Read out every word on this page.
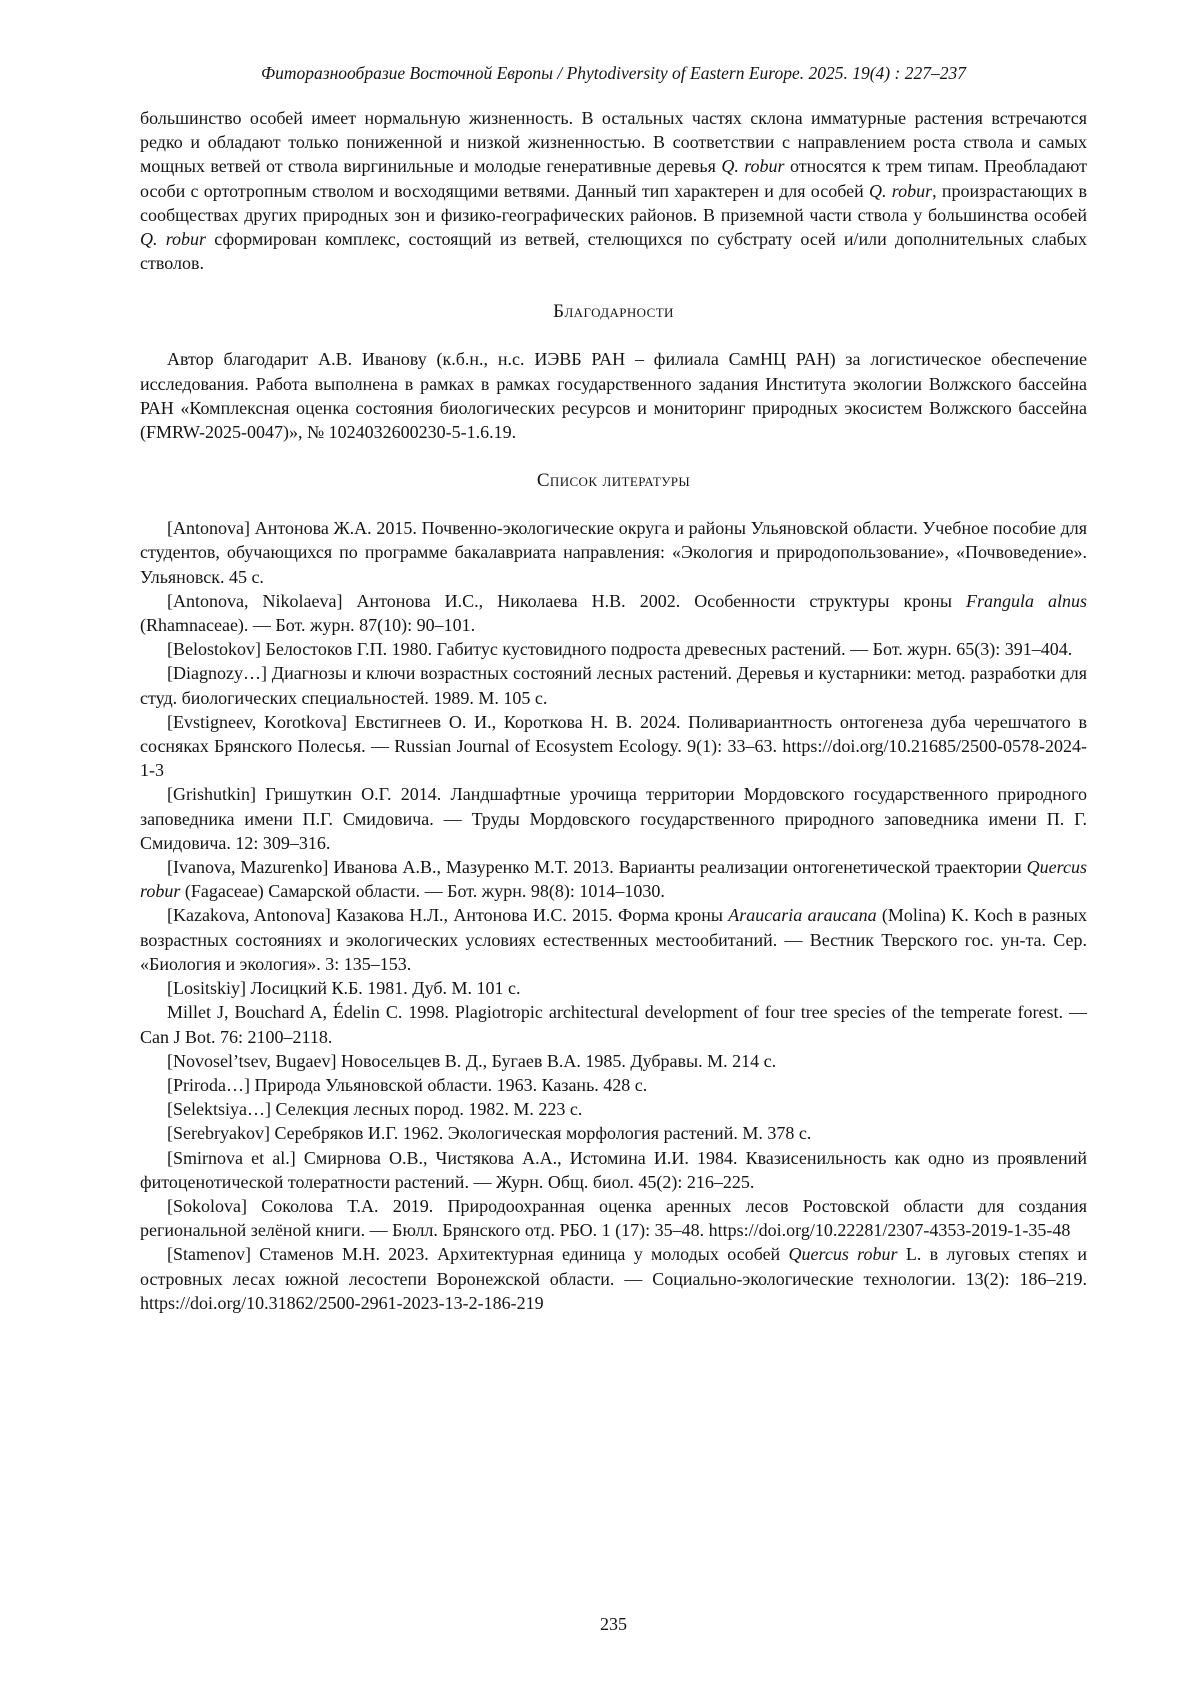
Фиторазнообразие Восточной Европы / Phytodiversity of Eastern Europe. 2025. 19(4) : 227–237

большинство особей имеет нормальную жизненность. В остальных частях склона имматурные растения встречаются редко и обладают только пониженной и низкой жизненностью. В соответствии с направлением роста ствола и самых мощных ветвей от ствола виргинильные и молодые генеративные деревья Q. robur относятся к трем типам. Преобладают особи с ортотропным стволом и восходящими ветвями. Данный тип характерен и для особей Q. robur, произрастающих в сообществах других природных зон и физико-географических районов. В приземной части ствола у большинства особей Q. robur сформирован комплекс, состоящий из ветвей, стелющихся по субстрату осей и/или дополнительных слабых стволов.

Благодарности

Автор благодарит А.В. Иванову (к.б.н., н.с. ИЭВБ РАН – филиала СамНЦ РАН) за логистическое обеспечение исследования. Работа выполнена в рамках в рамках государственного задания Института экологии Волжского бассейна РАН «Комплексная оценка состояния биологических ресурсов и мониторинг природных экосистем Волжского бассейна (FMRW-2025-0047)», № 1024032600230-5-1.6.19.

Список литературы

[Antonova] Антонова Ж.А. 2015. Почвенно-экологические округа и районы Ульяновской области. Учебное пособие для студентов, обучающихся по программе бакалавриата направления: «Экология и природопользование», «Почвоведение». Ульяновск. 45 с.

[Antonova, Nikolaeva] Антонова И.С., Николаева Н.В. 2002. Особенности структуры кроны Frangula alnus (Rhamnaceae). — Бот. журн. 87(10): 90–101.

[Belostokov] Белостоков Г.П. 1980. Габитус кустовидного подроста древесных растений. — Бот. журн. 65(3): 391–404.

[Diagnozy…] Диагнозы и ключи возрастных состояний лесных растений. Деревья и кустарники: метод. разработки для студ. биологических специальностей. 1989. М. 105 с.

[Evstigneev, Korotkova] Евстигнеев О. И., Короткова Н. В. 2024. Поливариантность онтогенеза дуба черешчатого в сосняках Брянского Полесья. — Russian Journal of Ecosystem Ecology. 9(1): 33–63. https://doi.org/10.21685/2500-0578-2024-1-3

[Grishutkin] Гришуткин О.Г. 2014. Ландшафтные урочища территории Мордовского государственного природного заповедника имени П.Г. Смидовича. — Труды Мордовского государственного природного заповедника имени П. Г. Смидовича. 12: 309–316.

[Ivanova, Mazurenko] Иванова А.В., Мазуренко М.Т. 2013. Варианты реализации онтогенетической траектории Quercus robur (Fagaceae) Самарской области. — Бот. журн. 98(8): 1014–1030.

[Kazakova, Antonova] Казакова Н.Л., Антонова И.С. 2015. Форма кроны Araucaria araucana (Molina) K. Koch в разных возрастных состояниях и экологических условиях естественных местообитаний. — Вестник Тверского гос. ун-та. Сер. «Биология и экология». 3: 135–153.

[Lositskiy] Лосицкий К.Б. 1981. Дуб. М. 101 с.

Millet J, Bouchard A, Édelin C. 1998. Plagiotropic architectural development of four tree species of the temperate forest. — Can J Bot. 76: 2100–2118.

[Novosel’tsev, Bugaev] Новосельцев В. Д., Бугаев В.А. 1985. Дубравы. М. 214 с.

[Priroda…] Природа Ульяновской области. 1963. Казань. 428 с.

[Selektsiya…] Селекция лесных пород. 1982. М. 223 с.

[Serebryakov] Серебряков И.Г. 1962. Экологическая морфология растений. М. 378 с.

[Smirnova et al.] Смирнова О.В., Чистякова А.А., Истомина И.И. 1984. Квазисенильность как одно из проявлений фитоценотической толератности растений. — Журн. Общ. биол. 45(2): 216–225.

[Sokolova] Соколова Т.А. 2019. Природоохранная оценка аренных лесов Ростовской области для создания региональной зелёной книги. — Бюлл. Брянского отд. РБО. 1 (17): 35–48. https://doi.org/10.22281/2307-4353-2019-1-35-48

[Stamenov] Стаменов М.Н. 2023. Архитектурная единица у молодых особей Quercus robur L. в луговых степях и островных лесах южной лесостепи Воронежской области. — Социально-экологические технологии. 13(2): 186–219. https://doi.org/10.31862/2500-2961-2023-13-2-186-219

235
